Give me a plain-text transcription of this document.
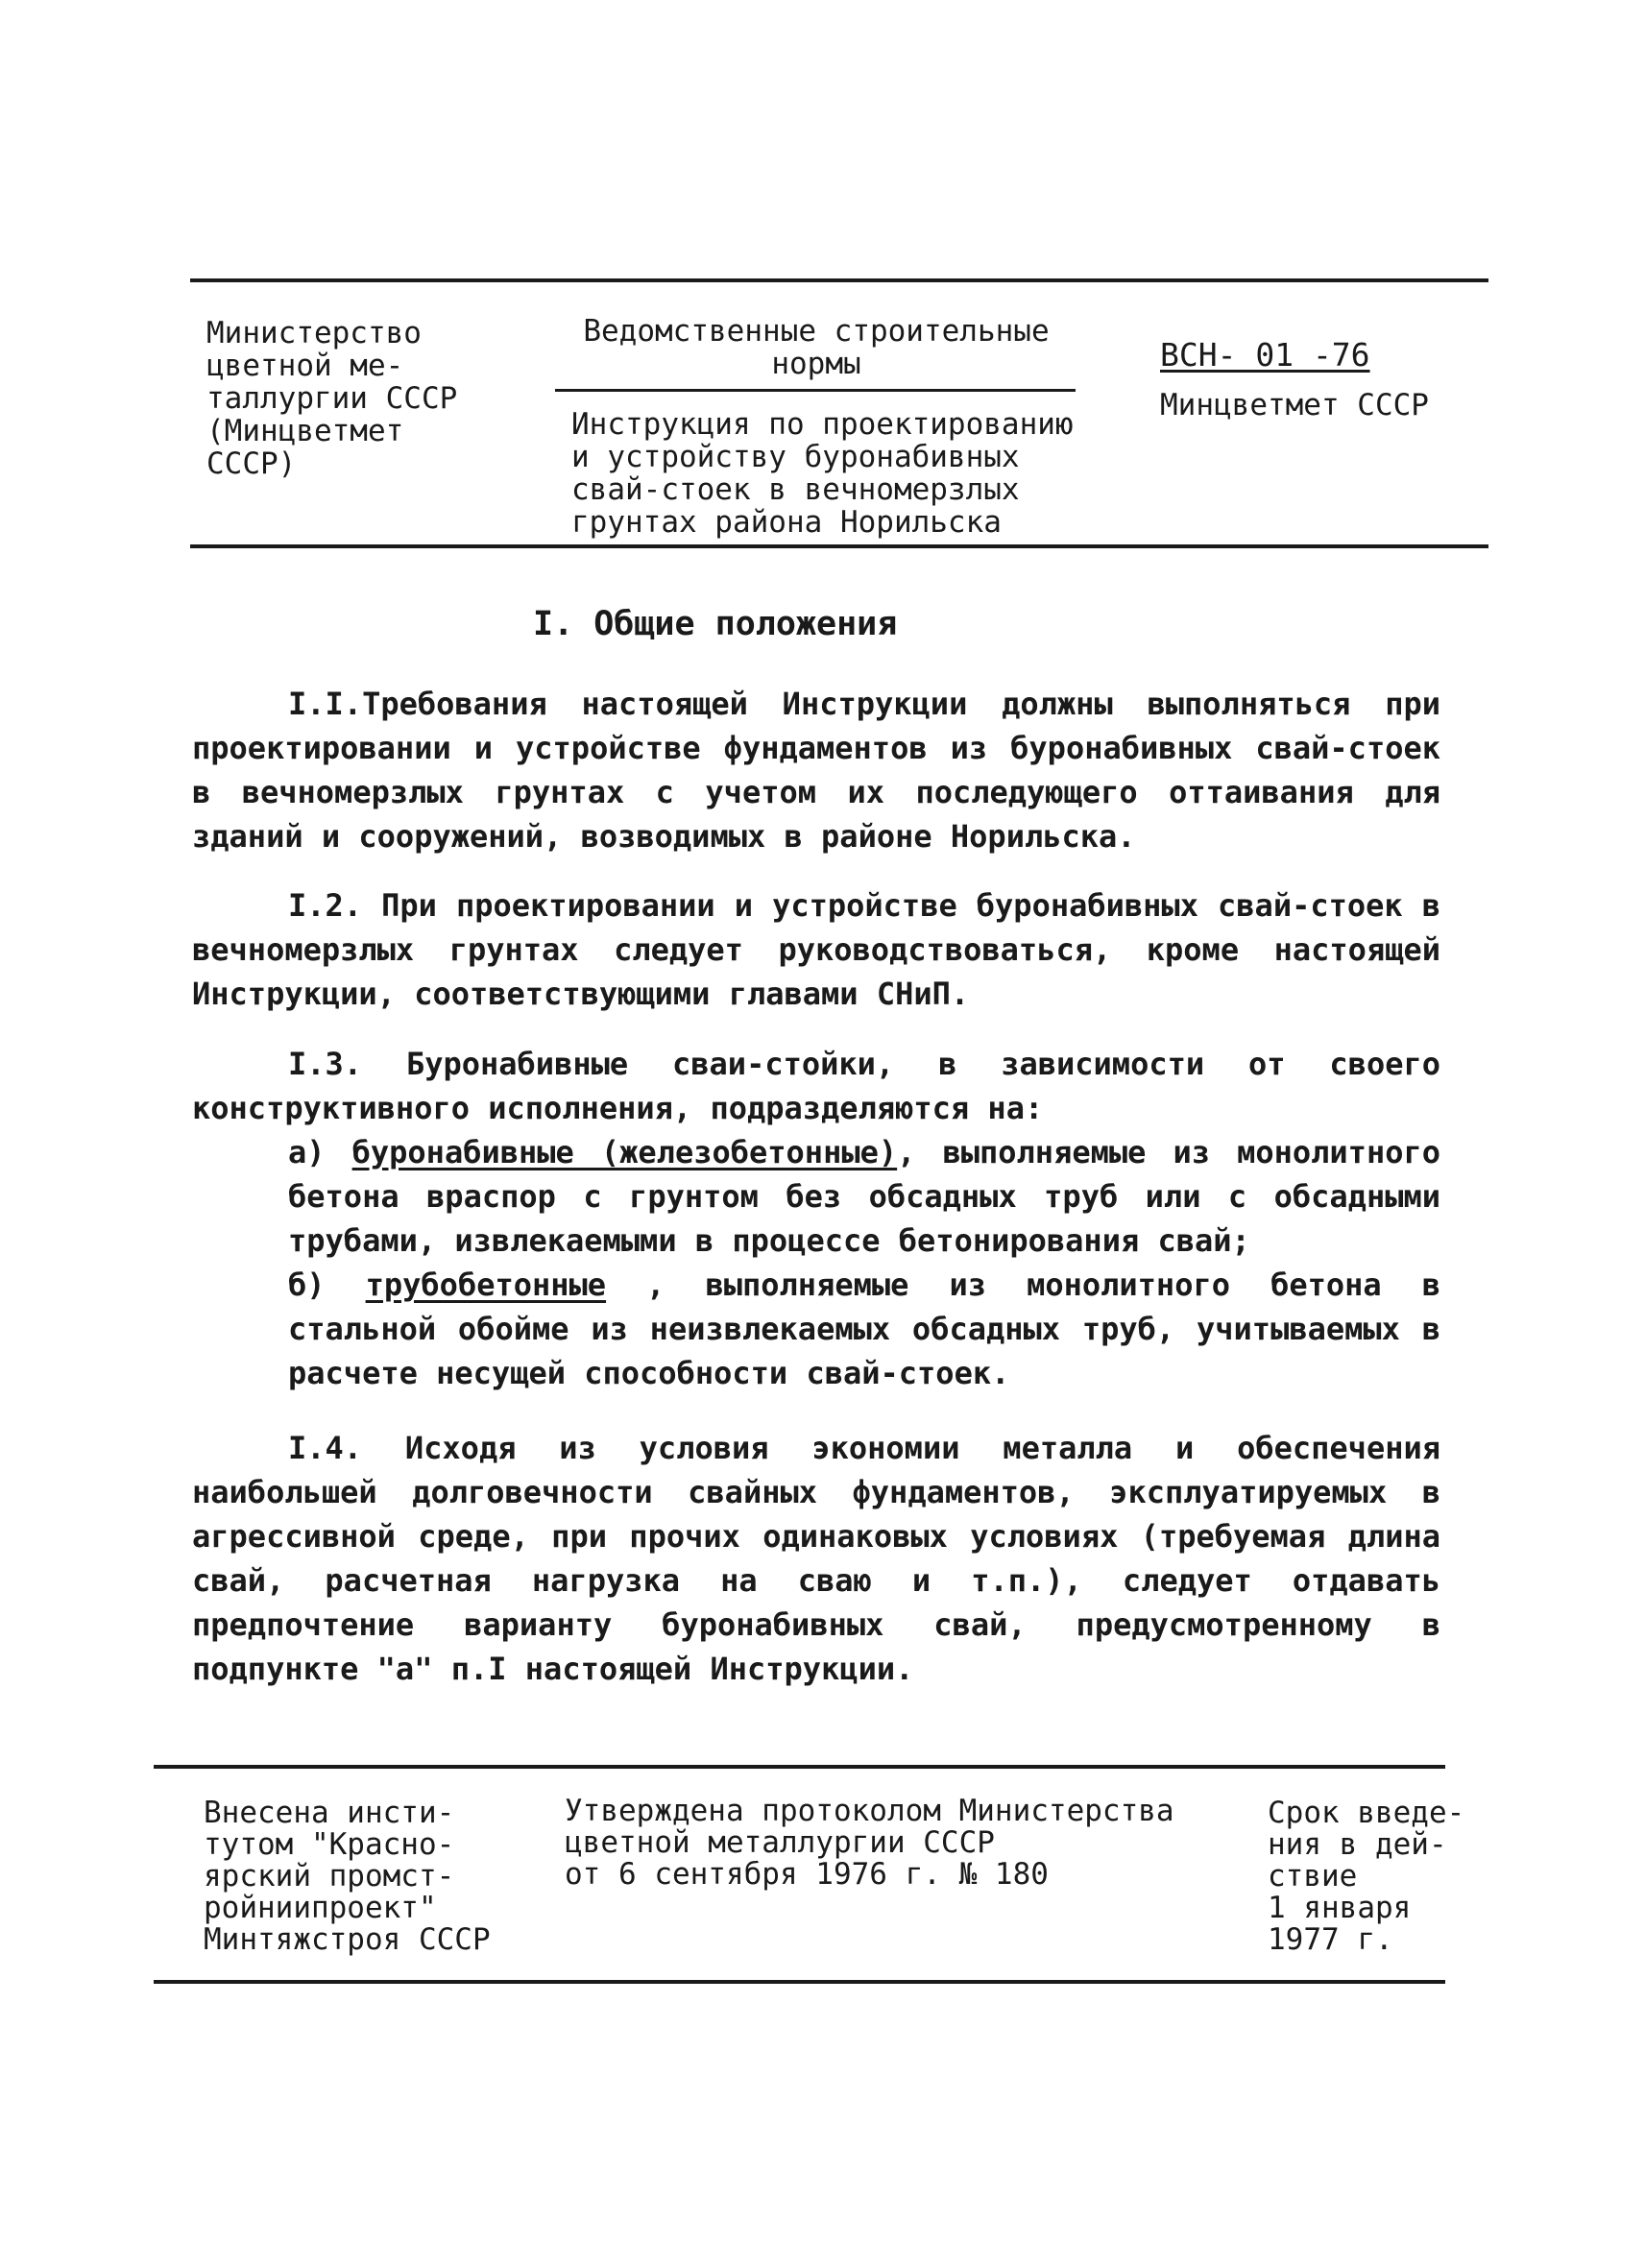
Министерство
цветной ме-
таллургии СССР
(Минцветмет
СССР)
Ведомственные строительные
нормы
Инструкция по проектированию
и устройству буронабивных
свай-стоек в вечномерзлых
грунтах района Норильска
ВСН- 01 -76
Минцветмет СССР
I. Общие положения

I.I.Требования настоящей Инструкции должны выполняться при проектировании и устройстве фундаментов из буронабивных свай-стоек в вечномерзлых грунтах с учетом их последующего оттаивания для зданий и сооружений, возводимых в районе Норильска.

I.2. При проектировании и устройстве буронабивных свай-стоек в вечномерзлых грунтах следует руководствоваться, кроме настоящей Инструкции, соответствующими главами СНиП.

I.3. Буронабивные сваи-стойки, в зависимости от своего конструктивного исполнения, подразделяются на:

а) буронабивные (железобетонные), выполняемые из монолитного бетона враспор с грунтом без обсадных труб или с обсадными трубами, извлекаемыми в процессе бетонирования свай;

б) трубобетонные , выполняемые из монолитного бетона в стальной обойме из неизвлекаемых обсадных труб, учитываемых в расчете несущей способности свай-стоек.

I.4. Исходя из условия экономии металла и обеспечения наибольшей долговечности свайных фундаментов, эксплуатируемых в агрессивной среде, при прочих одинаковых условиях (требуемая длина свай, расчетная нагрузка на сваю и т.п.), следует отдавать предпочтение варианту буронабивных свай, предусмотренному в подпункте "а" п.I настоящей Инструкции.

Внесена инсти-
тутом "Красно-
ярский промст-
ройниипроект"
Минтяжстроя СССР
Утверждена протоколом Министерства
цветной металлургии СССР
от 6 сентября 1976 г. № 180
Срок введе-
ния в дей-
ствие
1 января
1977 г.
